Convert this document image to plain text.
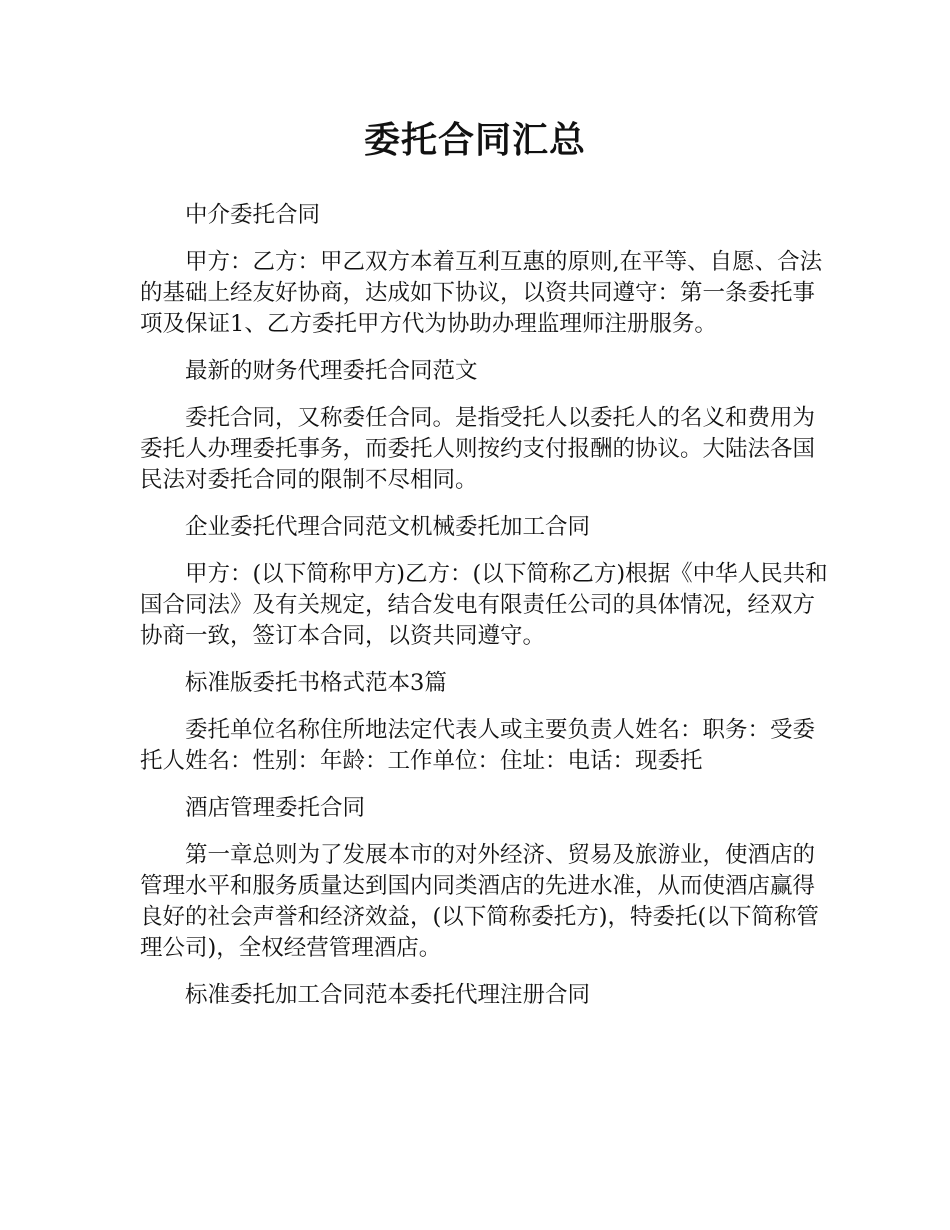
委托合同汇总

中介委托合同

甲方：乙方：甲乙双方本着互利互惠的原则,在平等、自愿、合法的基础上经友好协商，达成如下协议，以资共同遵守：第一条委托事项及保证1、乙方委托甲方代为协助办理监理师注册服务。

最新的财务代理委托合同范文

委托合同，又称委任合同。是指受托人以委托人的名义和费用为委托人办理委托事务，而委托人则按约支付报酬的协议。大陆法各国民法对委托合同的限制不尽相同。

企业委托代理合同范文机械委托加工合同

甲方：(以下简称甲方)乙方：(以下简称乙方)根据《中华人民共和国合同法》及有关规定，结合发电有限责任公司的具体情况，经双方协商一致，签订本合同，以资共同遵守。

标准版委托书格式范本3篇

委托单位名称住所地法定代表人或主要负责人姓名：职务：受委托人姓名：性别：年龄：工作单位：住址：电话：现委托

酒店管理委托合同

第一章总则为了发展本市的对外经济、贸易及旅游业，使酒店的管理水平和服务质量达到国内同类酒店的先进水准，从而使酒店赢得良好的社会声誉和经济效益，(以下简称委托方)，特委托(以下简称管理公司)，全权经营管理酒店。

标准委托加工合同范本委托代理注册合同
